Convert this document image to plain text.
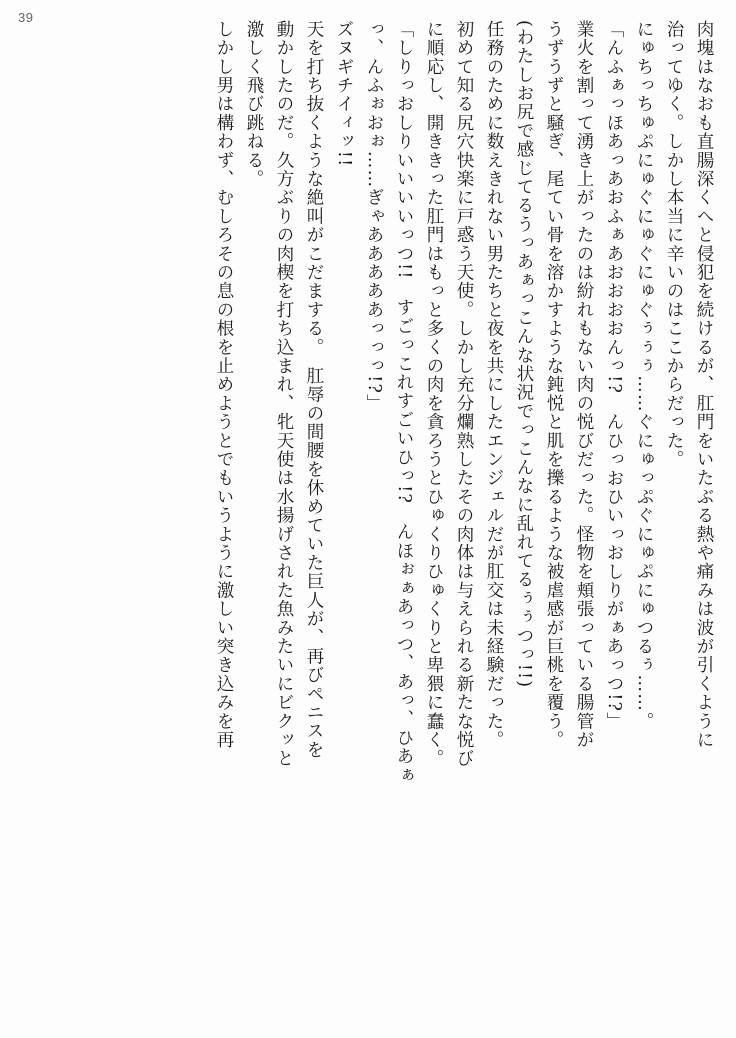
39
肉塊はなおも直腸深くへと侵犯を続けるが、肛門をいたぶる熱や痛みは波が引くように
治ってゆく。しかし本当に辛いのはここからだった。
にゅちっちゅぷにゅぐにゅぐにゅぐぅぅぅ……ぐにゅっぷぐにゅぷにゅつるぅ……。
「んふぁっほあっあおふぁあおおおおんっ!?　んひっおひいっおしりがぁあっつ!?」
業火を割って湧き上がったのは紛れもない肉の悦びだった。怪物を頬張っている腸管が
うずうずと騒ぎ、尾てい骨を溶かすような鈍悦と肌を擽るような被虐感が巨桃を覆う。
(わたしお尻で感じてるうっあぁっこんな状況でっこんなに乱れてるぅぅつっ!!)
任務のために数えきれない男たちと夜を共にしたエンジェルだが肛交は未経験だった。
初めて知る尻穴快楽に戸惑う天使。しかし充分爛熟したその肉体は与えられる新たな悦び
に順応し、開ききった肛門はもっと多くの肉を貪ろうとひゅくりひゅくりと卑猥に蠢く。
「しりっおしりいいいいっつ!!　すごっこれすごいひっ!?　んほぉぁあっつ、あっ、ひあぁ
っ、んふぉおぉ……ぎゃあああああっっっ!?」
ズヌギチイィッ!!
天を打ち抜くような絶叫がこだまする。　肛辱の間腰を休めていた巨人が、再びペニスを
動かしたのだ。久方ぶりの肉楔を打ち込まれ、牝天使は水揚げされた魚みたいにビクッと
激しく飛び跳ねる。
しかし男は構わず、むしろその息の根を止めようとでもいうように激しい突き込みを再
